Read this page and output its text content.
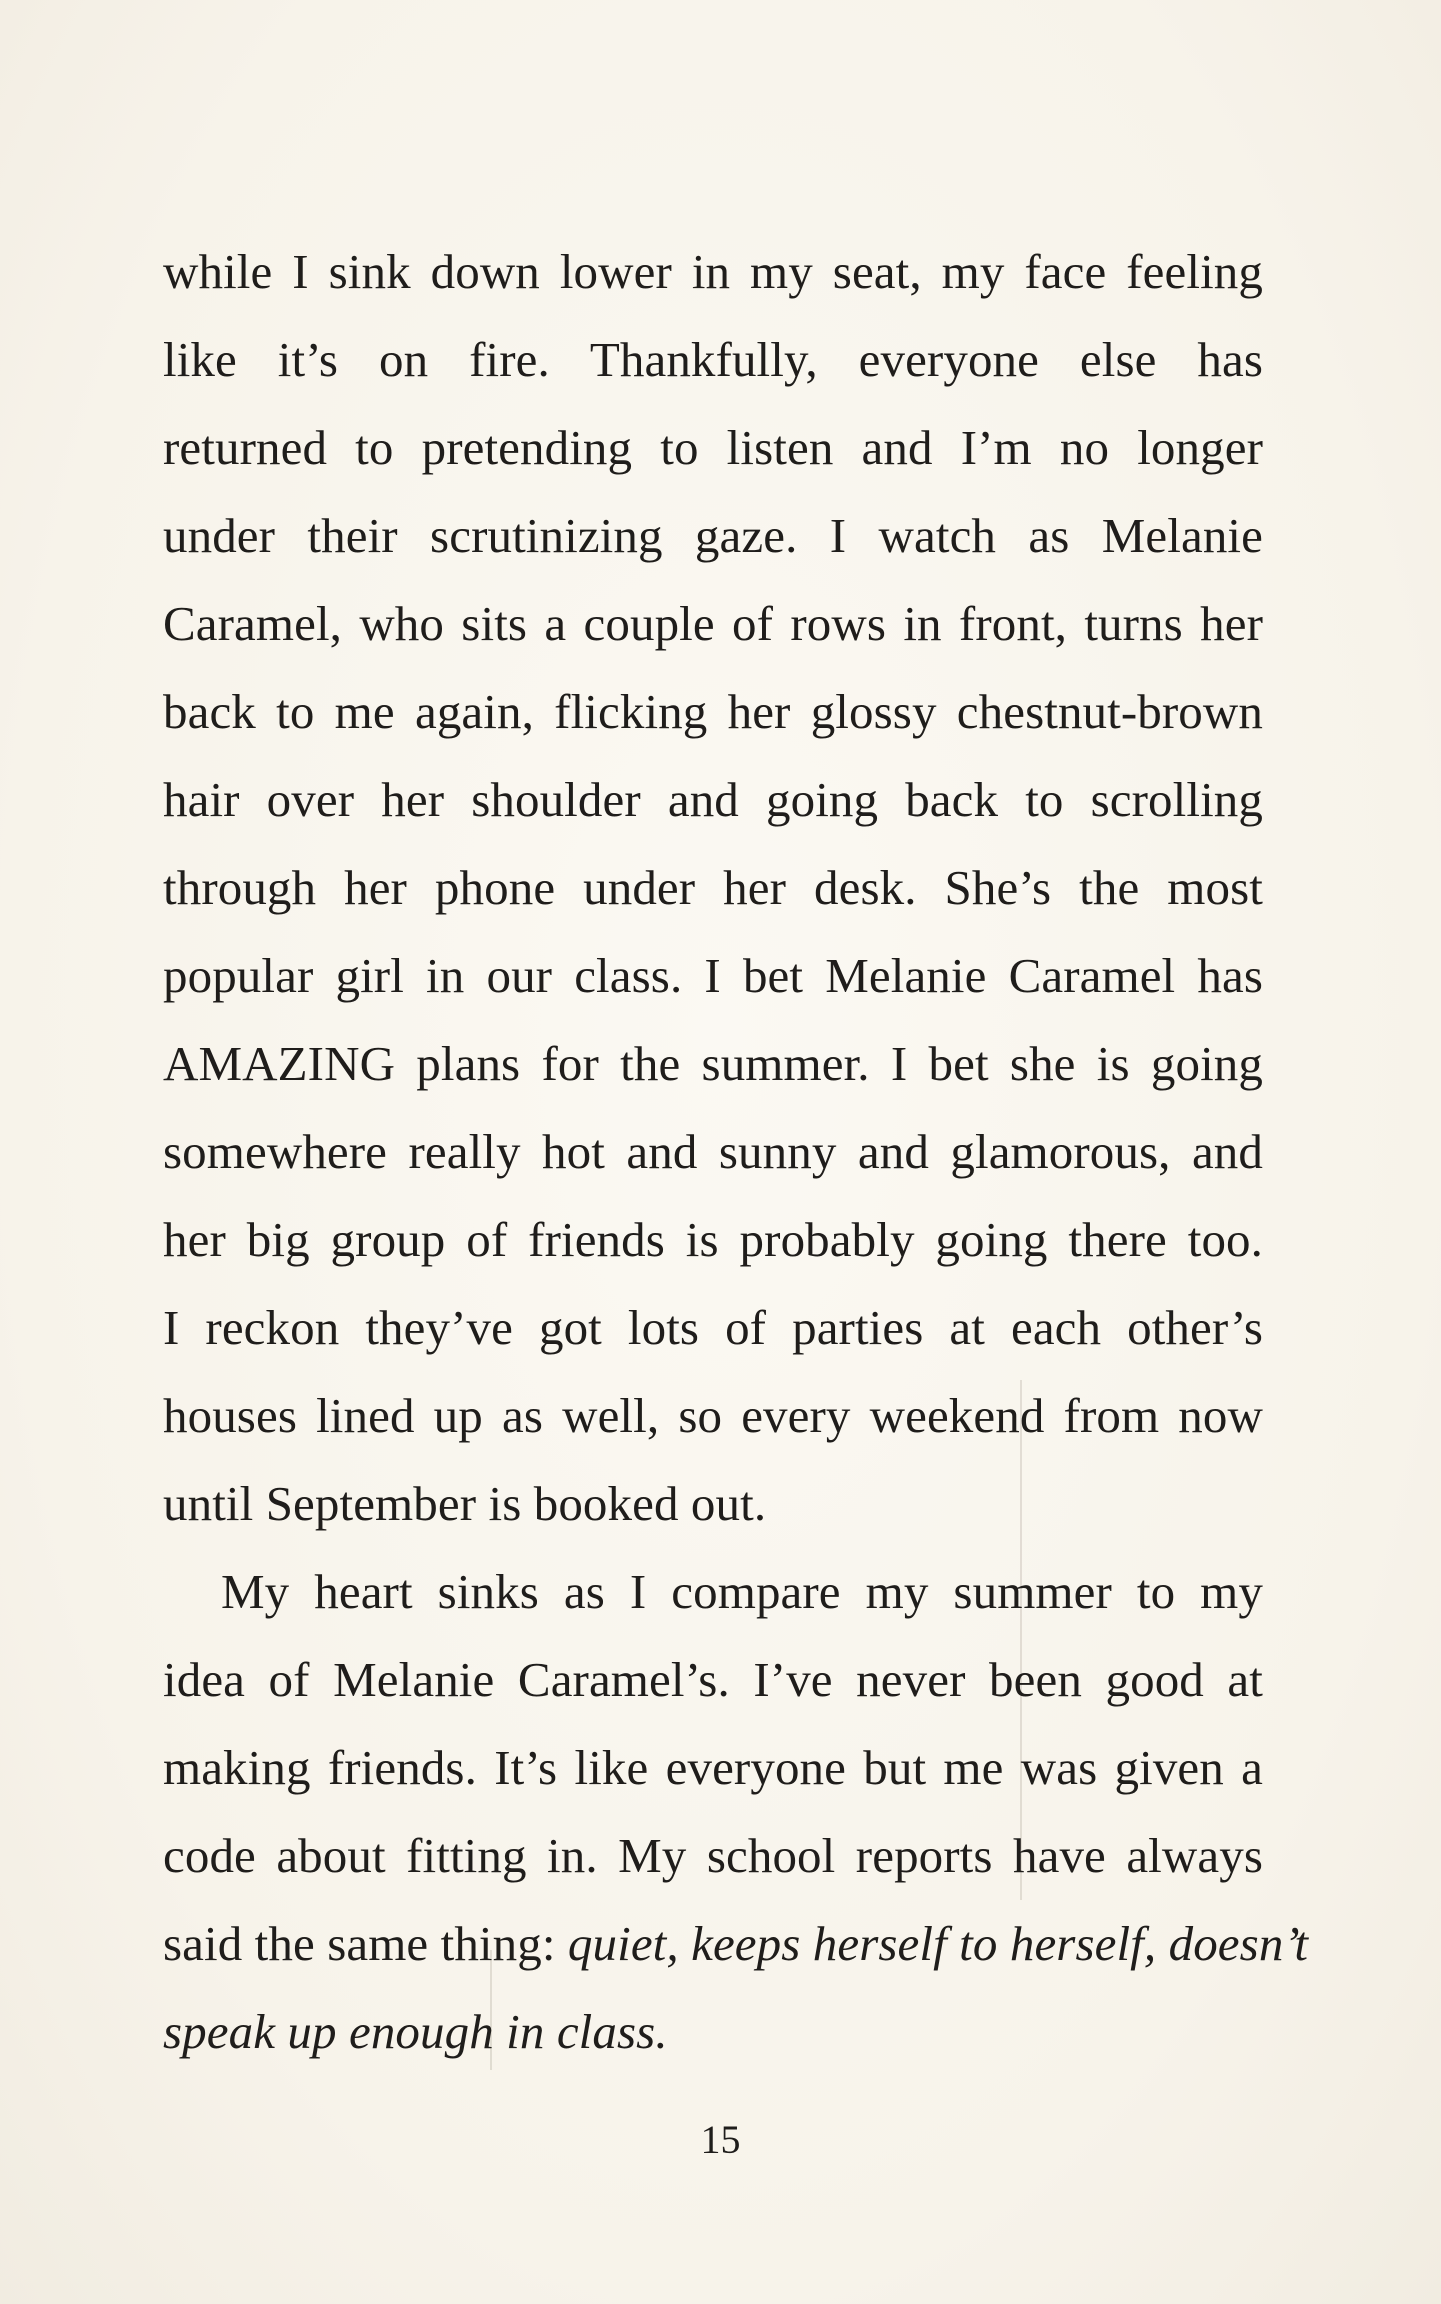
while I sink down lower in my seat, my face feeling
like it’s on fire. Thankfully, everyone else has
returned to pretending to listen and I’m no longer
under their scrutinizing gaze. I watch as Melanie
Caramel, who sits a couple of rows in front, turns her
back to me again, flicking her glossy chestnut-brown
hair over her shoulder and going back to scrolling
through her phone under her desk. She’s the most
popular girl in our class. I bet Melanie Caramel has
AMAZING plans for the summer. I bet she is going
somewhere really hot and sunny and glamorous, and
her big group of friends is probably going there too.
I reckon they’ve got lots of parties at each other’s
houses lined up as well, so every weekend from now
until September is booked out.
My heart sinks as I compare my summer to my
idea of Melanie Caramel’s. I’ve never been good at
making friends. It’s like everyone but me was given a
code about fitting in. My school reports have always
said the same thing: quiet, keeps herself to herself, doesn’t
speak up enough in class.
15
